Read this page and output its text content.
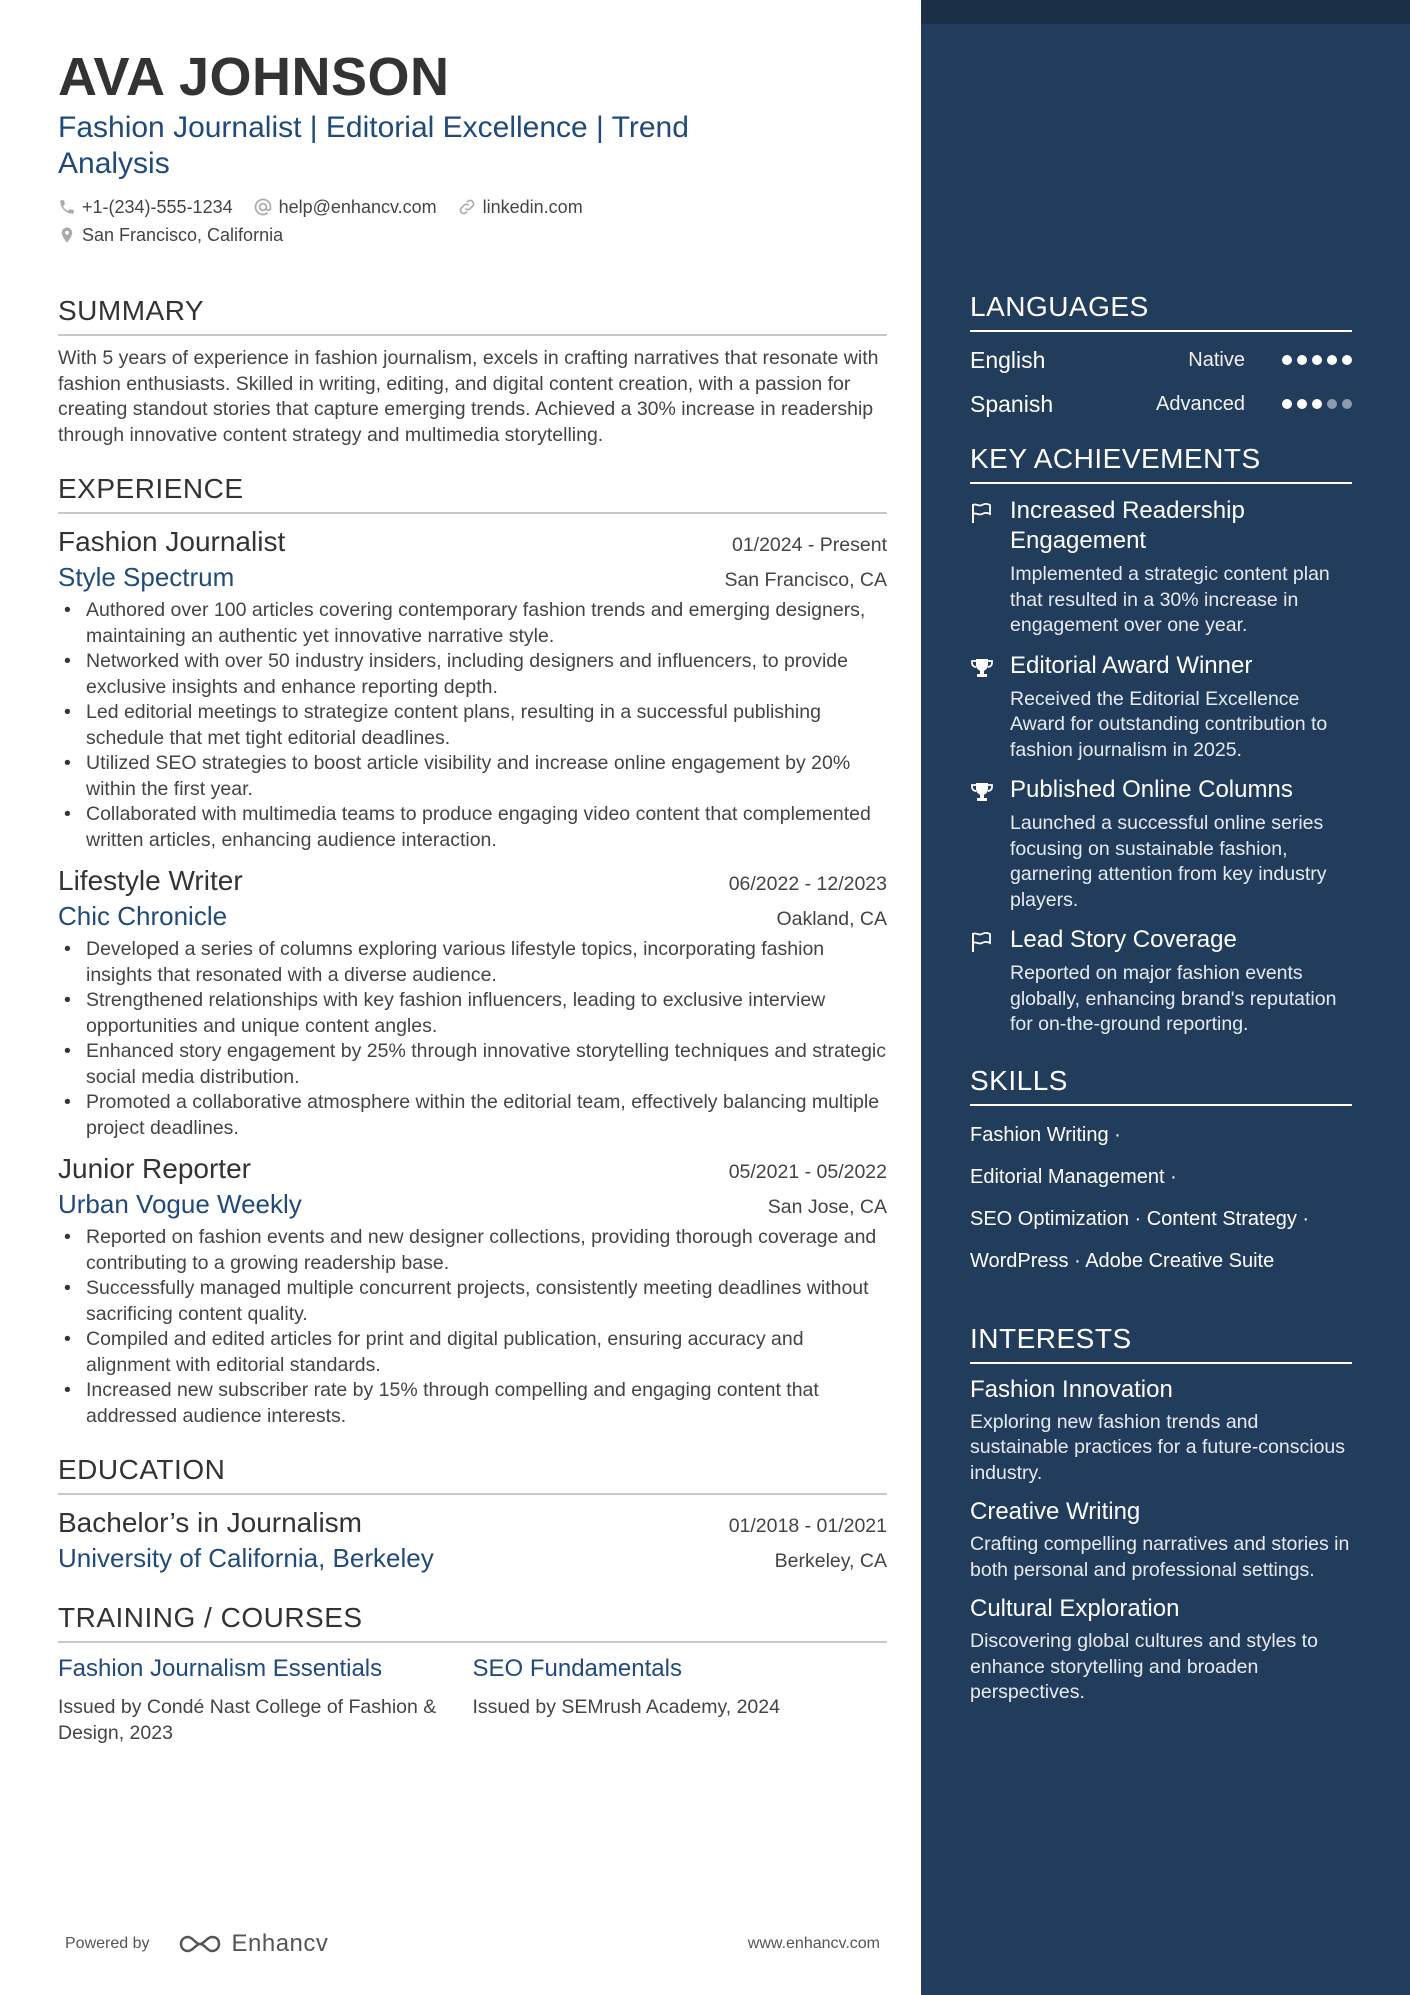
AVA JOHNSON
Fashion Journalist | Editorial Excellence | Trend Analysis
+1-(234)-555-1234	help@enhancv.com	linkedin.com
San Francisco, California
SUMMARY
With 5 years of experience in fashion journalism, excels in crafting narratives that resonate with fashion enthusiasts. Skilled in writing, editing, and digital content creation, with a passion for creating standout stories that capture emerging trends. Achieved a 30% increase in readership through innovative content strategy and multimedia storytelling.
EXPERIENCE
Fashion Journalist	01/2024 - Present
Style Spectrum	San Francisco, CA
• Authored over 100 articles covering contemporary fashion trends and emerging designers, maintaining an authentic yet innovative narrative style.
• Networked with over 50 industry insiders, including designers and influencers, to provide exclusive insights and enhance reporting depth.
• Led editorial meetings to strategize content plans, resulting in a successful publishing schedule that met tight editorial deadlines.
• Utilized SEO strategies to boost article visibility and increase online engagement by 20% within the first year.
• Collaborated with multimedia teams to produce engaging video content that complemented written articles, enhancing audience interaction.
Lifestyle Writer	06/2022 - 12/2023
Chic Chronicle	Oakland, CA
• Developed a series of columns exploring various lifestyle topics, incorporating fashion insights that resonated with a diverse audience.
• Strengthened relationships with key fashion influencers, leading to exclusive interview opportunities and unique content angles.
• Enhanced story engagement by 25% through innovative storytelling techniques and strategic social media distribution.
• Promoted a collaborative atmosphere within the editorial team, effectively balancing multiple project deadlines.
Junior Reporter	05/2021 - 05/2022
Urban Vogue Weekly	San Jose, CA
• Reported on fashion events and new designer collections, providing thorough coverage and contributing to a growing readership base.
• Successfully managed multiple concurrent projects, consistently meeting deadlines without sacrificing content quality.
• Compiled and edited articles for print and digital publication, ensuring accuracy and alignment with editorial standards.
• Increased new subscriber rate by 15% through compelling and engaging content that addressed audience interests.
EDUCATION
Bachelor’s in Journalism	01/2018 - 01/2021
University of California, Berkeley	Berkeley, CA
TRAINING / COURSES
Fashion Journalism Essentials
Issued by Condé Nast College of Fashion & Design, 2023
SEO Fundamentals
Issued by SEMrush Academy, 2024
Powered by	Enhancv	www.enhancv.com
LANGUAGES
English	Native
Spanish	Advanced
KEY ACHIEVEMENTS
Increased Readership Engagement
Implemented a strategic content plan that resulted in a 30% increase in engagement over one year.
Editorial Award Winner
Received the Editorial Excellence Award for outstanding contribution to fashion journalism in 2025.
Published Online Columns
Launched a successful online series focusing on sustainable fashion, garnering attention from key industry players.
Lead Story Coverage
Reported on major fashion events globally, enhancing brand's reputation for on-the-ground reporting.
SKILLS
Fashion Writing ·
Editorial Management ·
SEO Optimization · Content Strategy ·
WordPress · Adobe Creative Suite
INTERESTS
Fashion Innovation
Exploring new fashion trends and sustainable practices for a future-conscious industry.
Creative Writing
Crafting compelling narratives and stories in both personal and professional settings.
Cultural Exploration
Discovering global cultures and styles to enhance storytelling and broaden perspectives.
